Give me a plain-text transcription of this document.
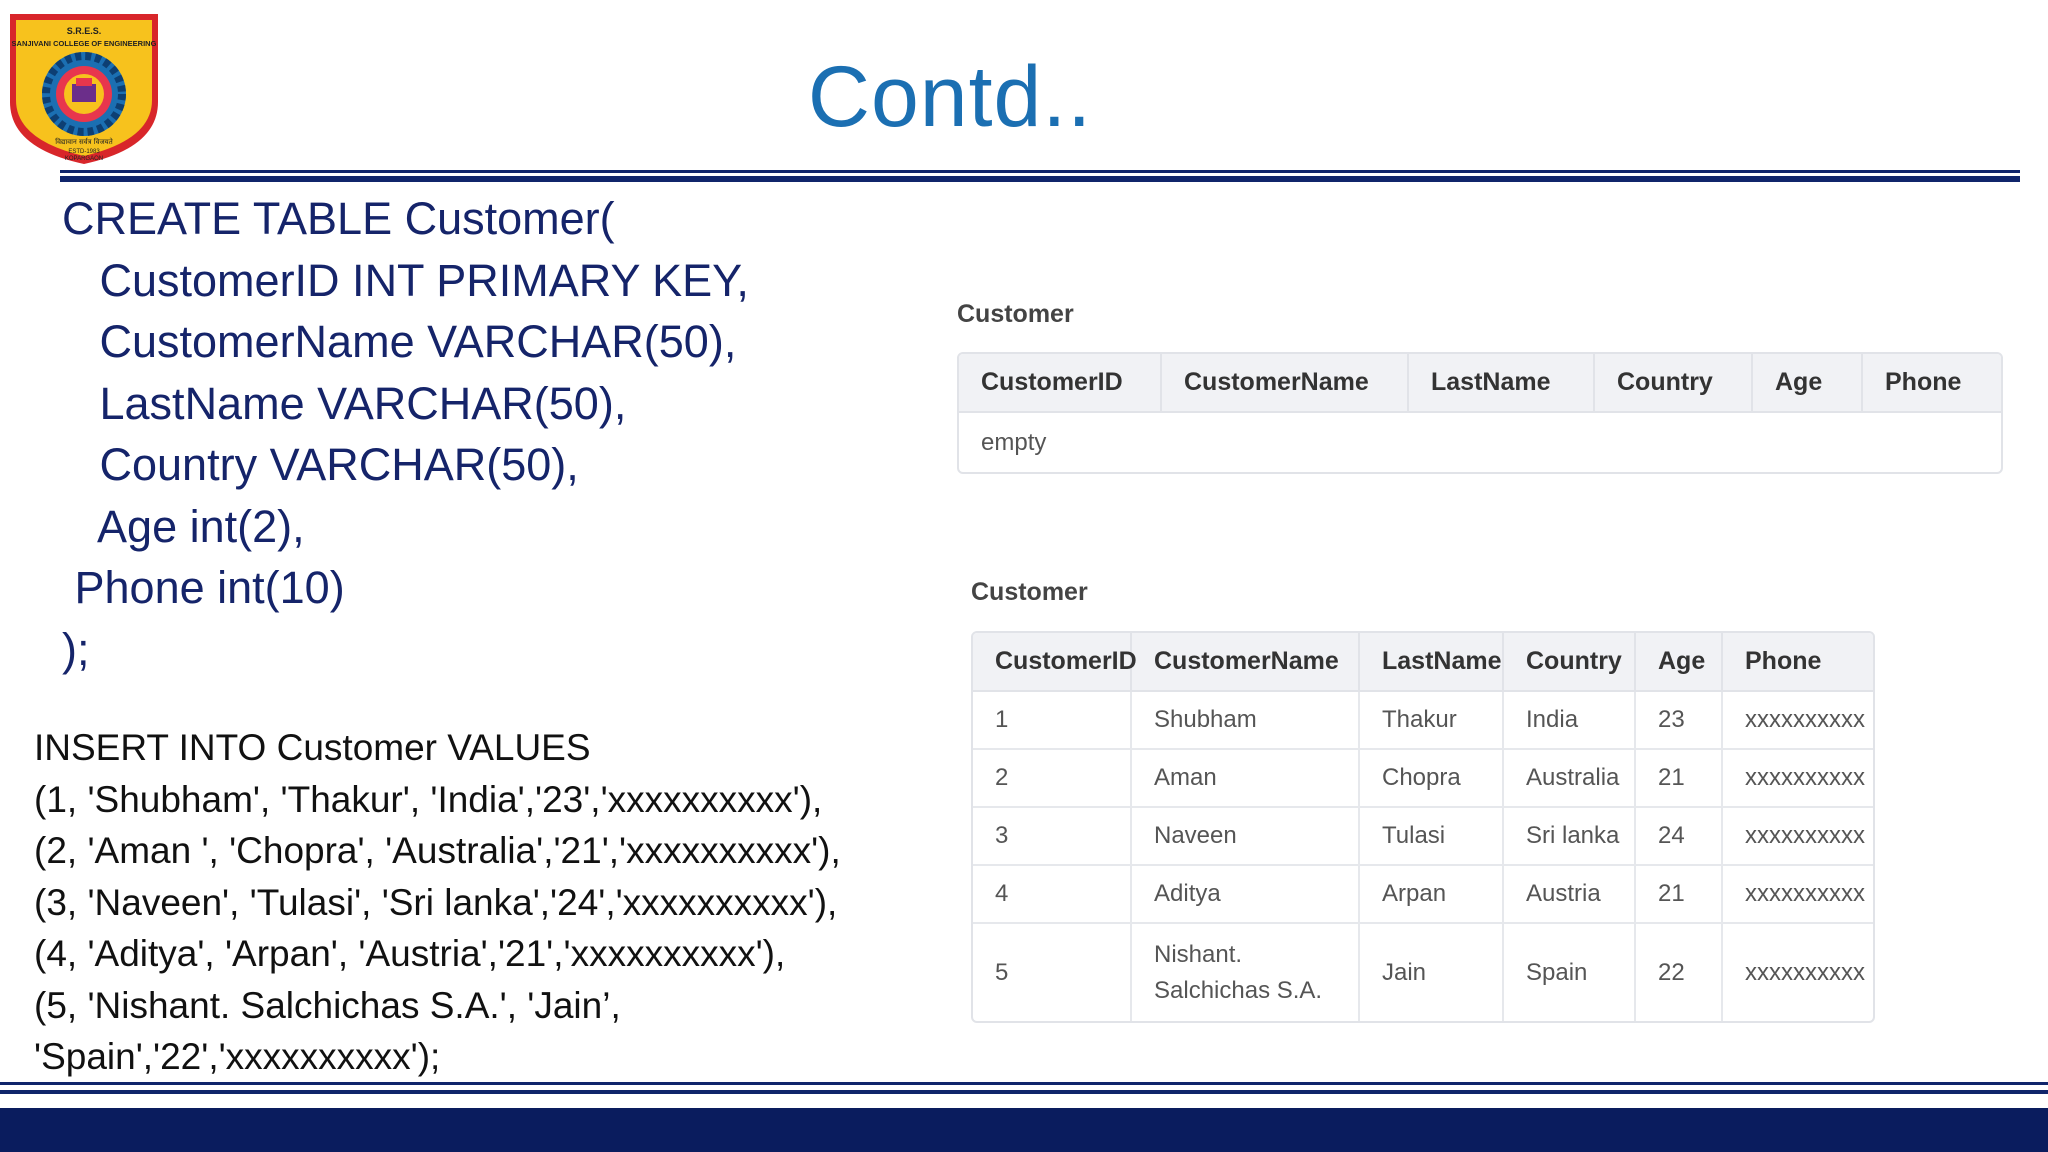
S.R.E.S.
SANJIVANI COLLEGE OF ENGINEERING
विद्यावान सर्वत्र विजयते
ESTD-1983
KOPARGAON
Contd..
CREATE TABLE Customer(
CustomerID INT PRIMARY KEY,
CustomerName VARCHAR(50),
LastName VARCHAR(50),
Country VARCHAR(50),
Age int(2),
Phone int(10)
);
INSERT INTO Customer VALUES
(1, 'Shubham', 'Thakur', 'India','23','xxxxxxxxxx'),
(2, 'Aman ', 'Chopra', 'Australia','21','xxxxxxxxxx'),
(3, 'Naveen', 'Tulasi', 'Sri lanka','24','xxxxxxxxxx'),
(4, 'Aditya', 'Arpan', 'Austria','21','xxxxxxxxxx'),
(5, 'Nishant. Salchichas S.A.', 'Jain’,
'Spain','22','xxxxxxxxxx');
Customer
CustomerID	CustomerName	LastName	Country	Age	Phone
empty
Customer
CustomerID	CustomerName	LastName	Country	Age	Phone
1	Shubham	Thakur	India	23	xxxxxxxxxx
2	Aman	Chopra	Australia	21	xxxxxxxxxx
3	Naveen	Tulasi	Sri lanka	24	xxxxxxxxxx
4	Aditya	Arpan	Austria	21	xxxxxxxxxx
5	Nishant. Salchichas S.A.	Jain	Spain	22	xxxxxxxxxx
